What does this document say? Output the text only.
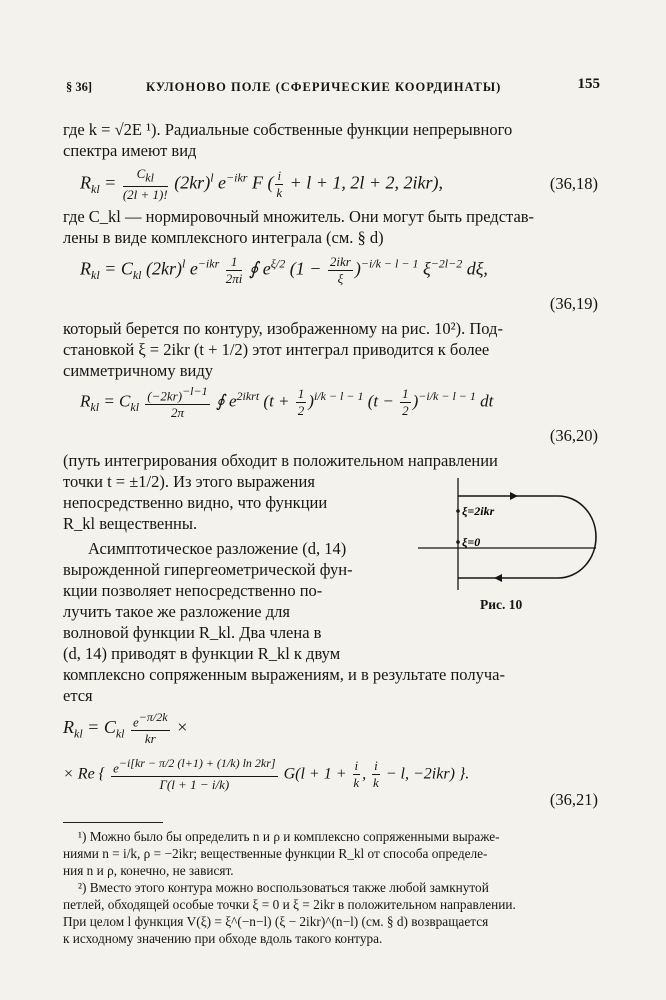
§ 36]	КУЛОНОВО ПОЛЕ (СФЕРИЧЕСКИЕ КООРДИНАТЫ)	155
где k = √2E ¹). Радиальные собственные функции непрерывного
спектра имеют вид
$R_{kl} = \frac{\text{Ckl}}{(2l + 1)!} (2kr)^l$ $e^{-ikr}$ F ( $\frac{i}{k} + l + 1$, 2l + 2, 2ikr),	(36,18)
где C_kl — нормировочный множитель. Они могут быть представ-
лены в виде комплексного интеграла (см. § d)
$R_{kl} = C_{kl}$ $(2kr)^l$ $e^{-ikr} \frac{1}{2\pi i}$ ∮ $e^{\xi/2}$ $(1 - \frac{\text{2ikr}}{\xi} )^{-i/k - l - 1}$ $\xi^{-2l-2}$ dξ,
(36,19)
который берется по контуру, изображенному на рис. 10²). Под-
становкой ξ = 2ikr (t + 1/2) этот интеграл приводится к более
симметричному виду
$R_{kl} = C_{kl} \frac{(-2kr)-l-1}{2\pi}$ ∮ $e^{2ikrt}$ $(t + \frac{1}{2} )^{i/k - l - 1}$ $(t - \frac{1}{2} )^{-i/k - l - 1}$ dt
(36,20)
(путь интегрирования обходит в положительном направлении
точки t = ±1/2). Из этого выражения
непосредственно видно, что функции
R_kl вещественны.
Асимптотическое разложение (d, 14)
вырожденной гипергеометрической фун-
кции позволяет непосредственно по-
лучить такое же разложение для
волновой функции R_kl. Два члена в
(d, 14) приводят в функции R_kl к двум
комплексно сопряженным выражениям, и в результате получа-
ется
ξ=2ikr
ξ=0
Рис. 10
$R_{kl} = C_{kl} \frac{e-\pi/2k}{kr}$ ×
× Re { $\frac{e-i[kr - \pi/2 (l+1) + (1/k) \ln 2kr]}{\Gamma(l + 1 - i/k)} G(l + 1 + \frac{i}{k}$ , $\frac{i}{k} - l$, −2ikr) }.
(36,21)
¹) Можно было бы определить n и ρ и комплексно сопряженными выраже-
ниями n = i/k, ρ = −2ikr; вещественные функции R_kl от способа определе-
ния n и ρ, конечно, не зависят.
²) Вместо этого контура можно воспользоваться также любой замкнутой
петлей, обходящей особые точки ξ = 0 и ξ = 2ikr в положительном направлении.
При целом l функция V(ξ) = ξ^(−n−l) (ξ − 2ikr)^(n−l) (см. § d) возвращается
к исходному значению при обходе вдоль такого контура.
